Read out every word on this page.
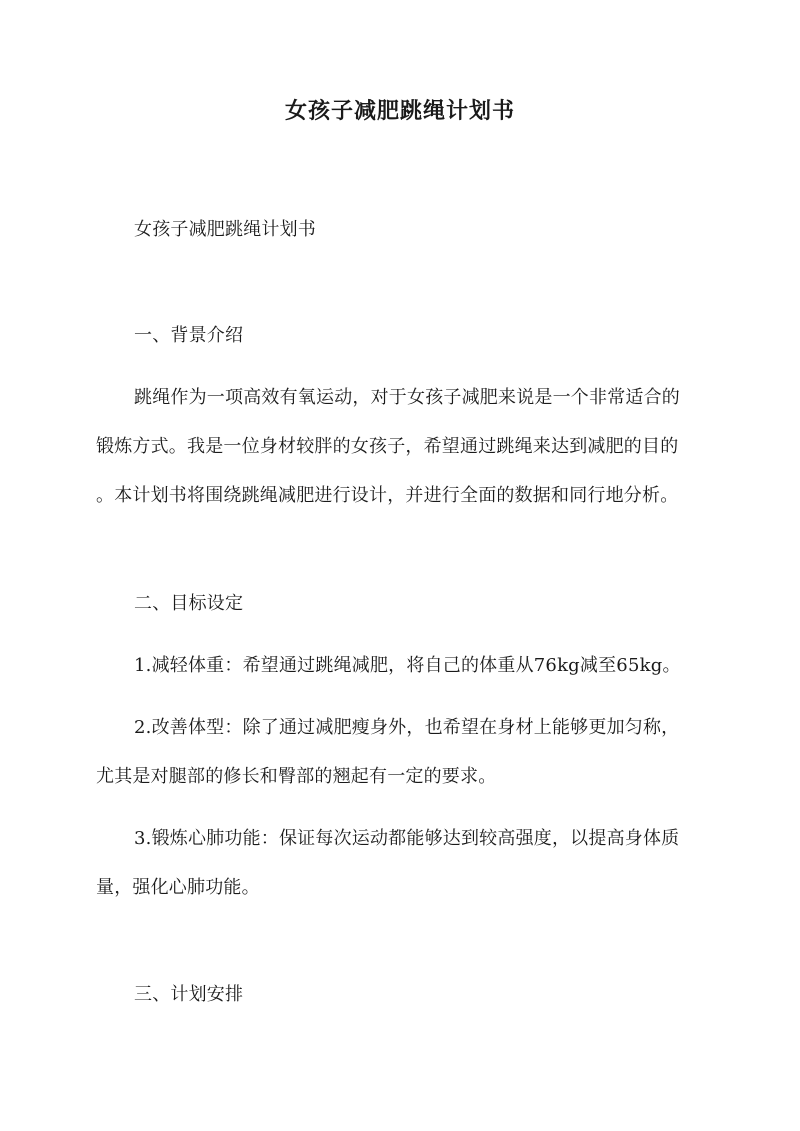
女孩子减肥跳绳计划书
女孩子减肥跳绳计划书
一、背景介绍
跳绳作为一项高效有氧运动，对于女孩子减肥来说是一个非常适合的
锻炼方式。我是一位身材较胖的女孩子，希望通过跳绳来达到减肥的目的
。本计划书将围绕跳绳减肥进行设计，并进行全面的数据和同行地分析。
二、目标设定
1.减轻体重：希望通过跳绳减肥，将自己的体重从76kg减至65kg。
2.改善体型：除了通过减肥瘦身外，也希望在身材上能够更加匀称，
尤其是对腿部的修长和臀部的翘起有一定的要求。
3.锻炼心肺功能：保证每次运动都能够达到较高强度，以提高身体质
量，强化心肺功能。
三、计划安排
